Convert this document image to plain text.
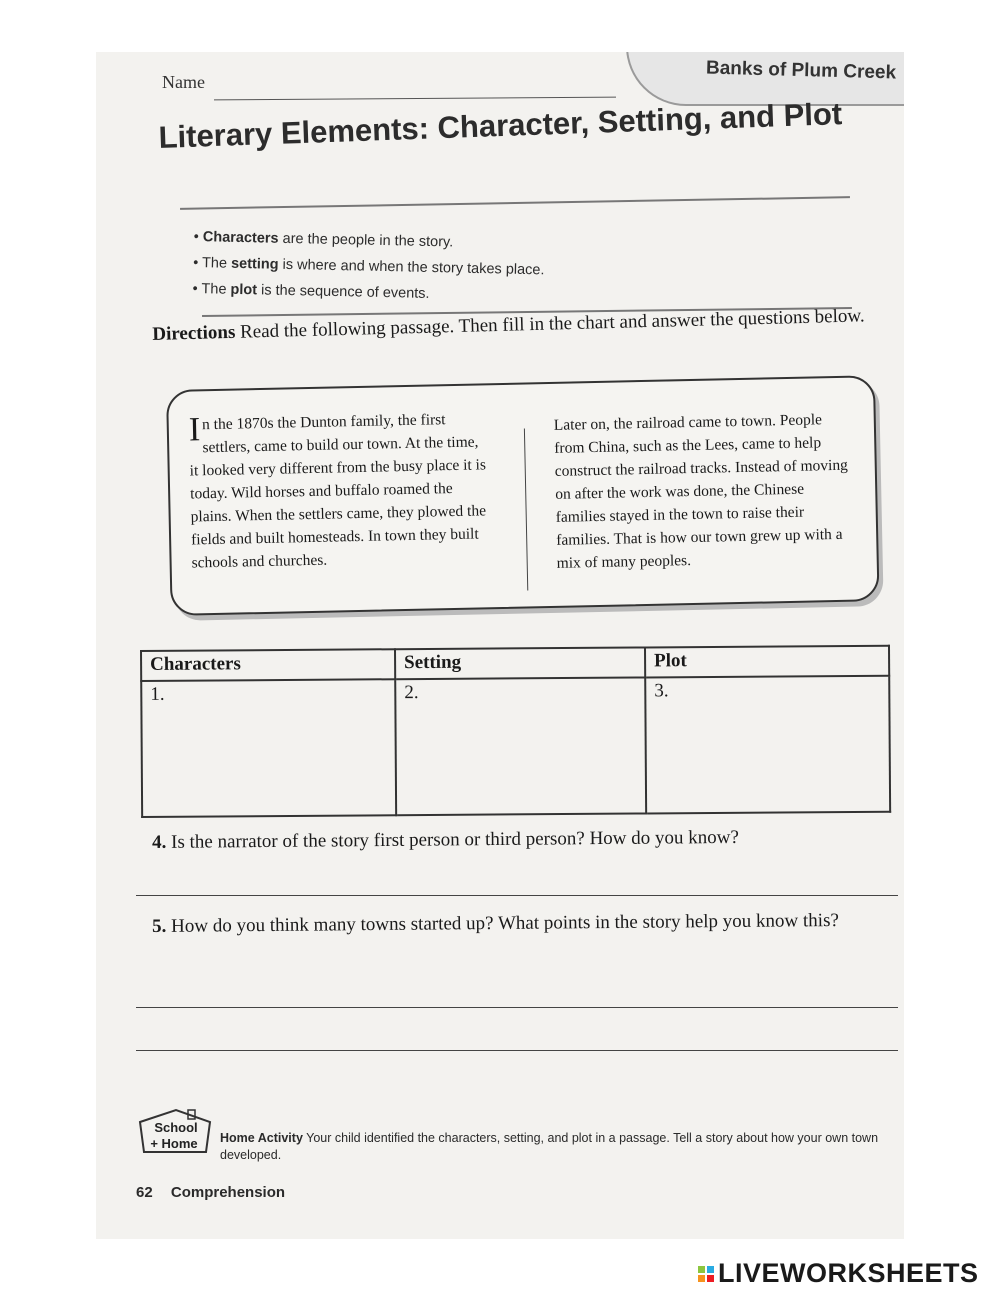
Banks of Plum Creek
Name
Literary Elements: Character, Setting, and Plot
• Characters are the people in the story.
• The setting is where and when the story takes place.
• The plot is the sequence of events.
Directions Read the following passage. Then fill in the chart and answer the questions below.
In the 1870s the Dunton family, the first settlers, came to build our town. At the time, it looked very different from the busy place it is today. Wild horses and buffalo roamed the plains. When the settlers came, they plowed the fields and built homesteads. In town they built schools and churches.
Later on, the railroad came to town. People from China, such as the Lees, came to help construct the railroad tracks. Instead of moving on after the work was done, the Chinese families stayed in the town to raise their families. That is how our town grew up with a mix of many peoples.
Characters	Setting	Plot
1.	2.	3.
4. Is the narrator of the story first person or third person? How do you know?
5. How do you think many towns started up? What points in the story help you know this?
School
+ Home Home Activity Your child identified the characters, setting, and plot in a passage. Tell a story about how your own town developed.
62 Comprehension
LIVEWORKSHEETS
